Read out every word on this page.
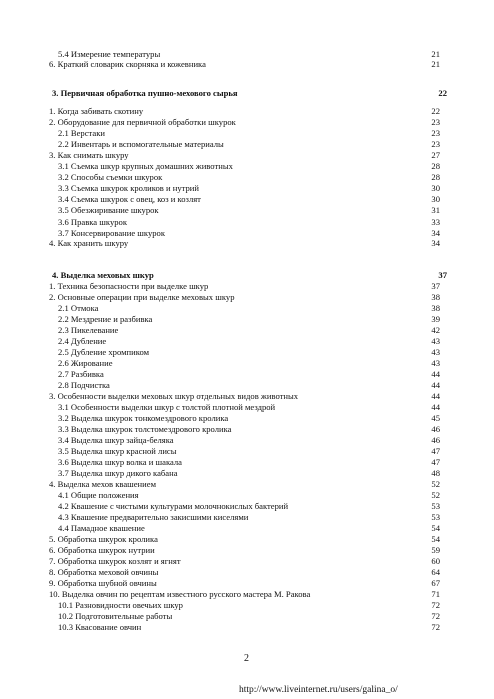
5.4 Измерение температуры	21
6. Краткий словарик скорняка и кожевника	21
3. Первичная обработка пушно-мехового сырья	22
1. Когда забивать скотину	22
2. Оборудование для первичной обработки шкурок	23
2.1 Верстаки	23
2.2 Инвентарь и вспомогательные материалы	23
3. Как снимать шкуру	27
3.1 Съемка шкур крупных домашних животных	28
3.2 Способы съемки шкурок	28
3.3 Съемка шкурок кроликов и нутрий	30
3.4 Съемка шкурок с овец, коз и козлят	30
3.5 Обезжиривание шкурок	31
3.6 Правка шкурок	33
3.7 Консервирование шкурок	34
4. Как хранить шкуру	34
4. Выделка меховых шкур	37
1. Техника безопасности при выделке шкур	37
2. Основные операции при выделке меховых шкур	38
2.1 Отмока	38
2.2 Мездрение и разбивка	39
2.3 Пикелевание	42
2.4 Дубление	43
2.5 Дубление хромпиком	43
2.6 Жирование	43
2.7 Разбивка	44
2.8 Подчистка	44
3. Особенности выделки меховых шкур отдельных видов животных	44
3.1 Особенности выделки шкур с толстой плотной мездрой	44
3.2 Выделка шкурок тонкомездрового кролика	45
3.3 Выделка шкурок толстомездрового кролика	46
3.4 Выделка шкур зайца-беляка	46
3.5 Выделка шкур красной лисы	47
3.6 Выделка шкур волка и шакала	47
3.7 Выделка шкур дикого кабана	48
4. Выделка мехов квашением	52
4.1 Общие положения	52
4.2 Квашение с чистыми культурами молочнокислых бактерий	53
4.3 Квашение предварительно закисшими киселями	53
4.4 Памадное квашение	54
5. Обработка шкурок кролика	54
6. Обработка шкурок нутрии	59
7. Обработка шкурок козлят и ягнят	60
8. Обработка меховой овчины	64
9. Обработка шубной овчины	67
10. Выделка овчин по рецептам известного русского мастера М. Ракова	71
10.1 Разновидности овечьих шкур	72
10.2 Подготовительные работы	72
10.3 Квасование овчин	72
2
http://www.liveinternet.ru/users/galina_o/
